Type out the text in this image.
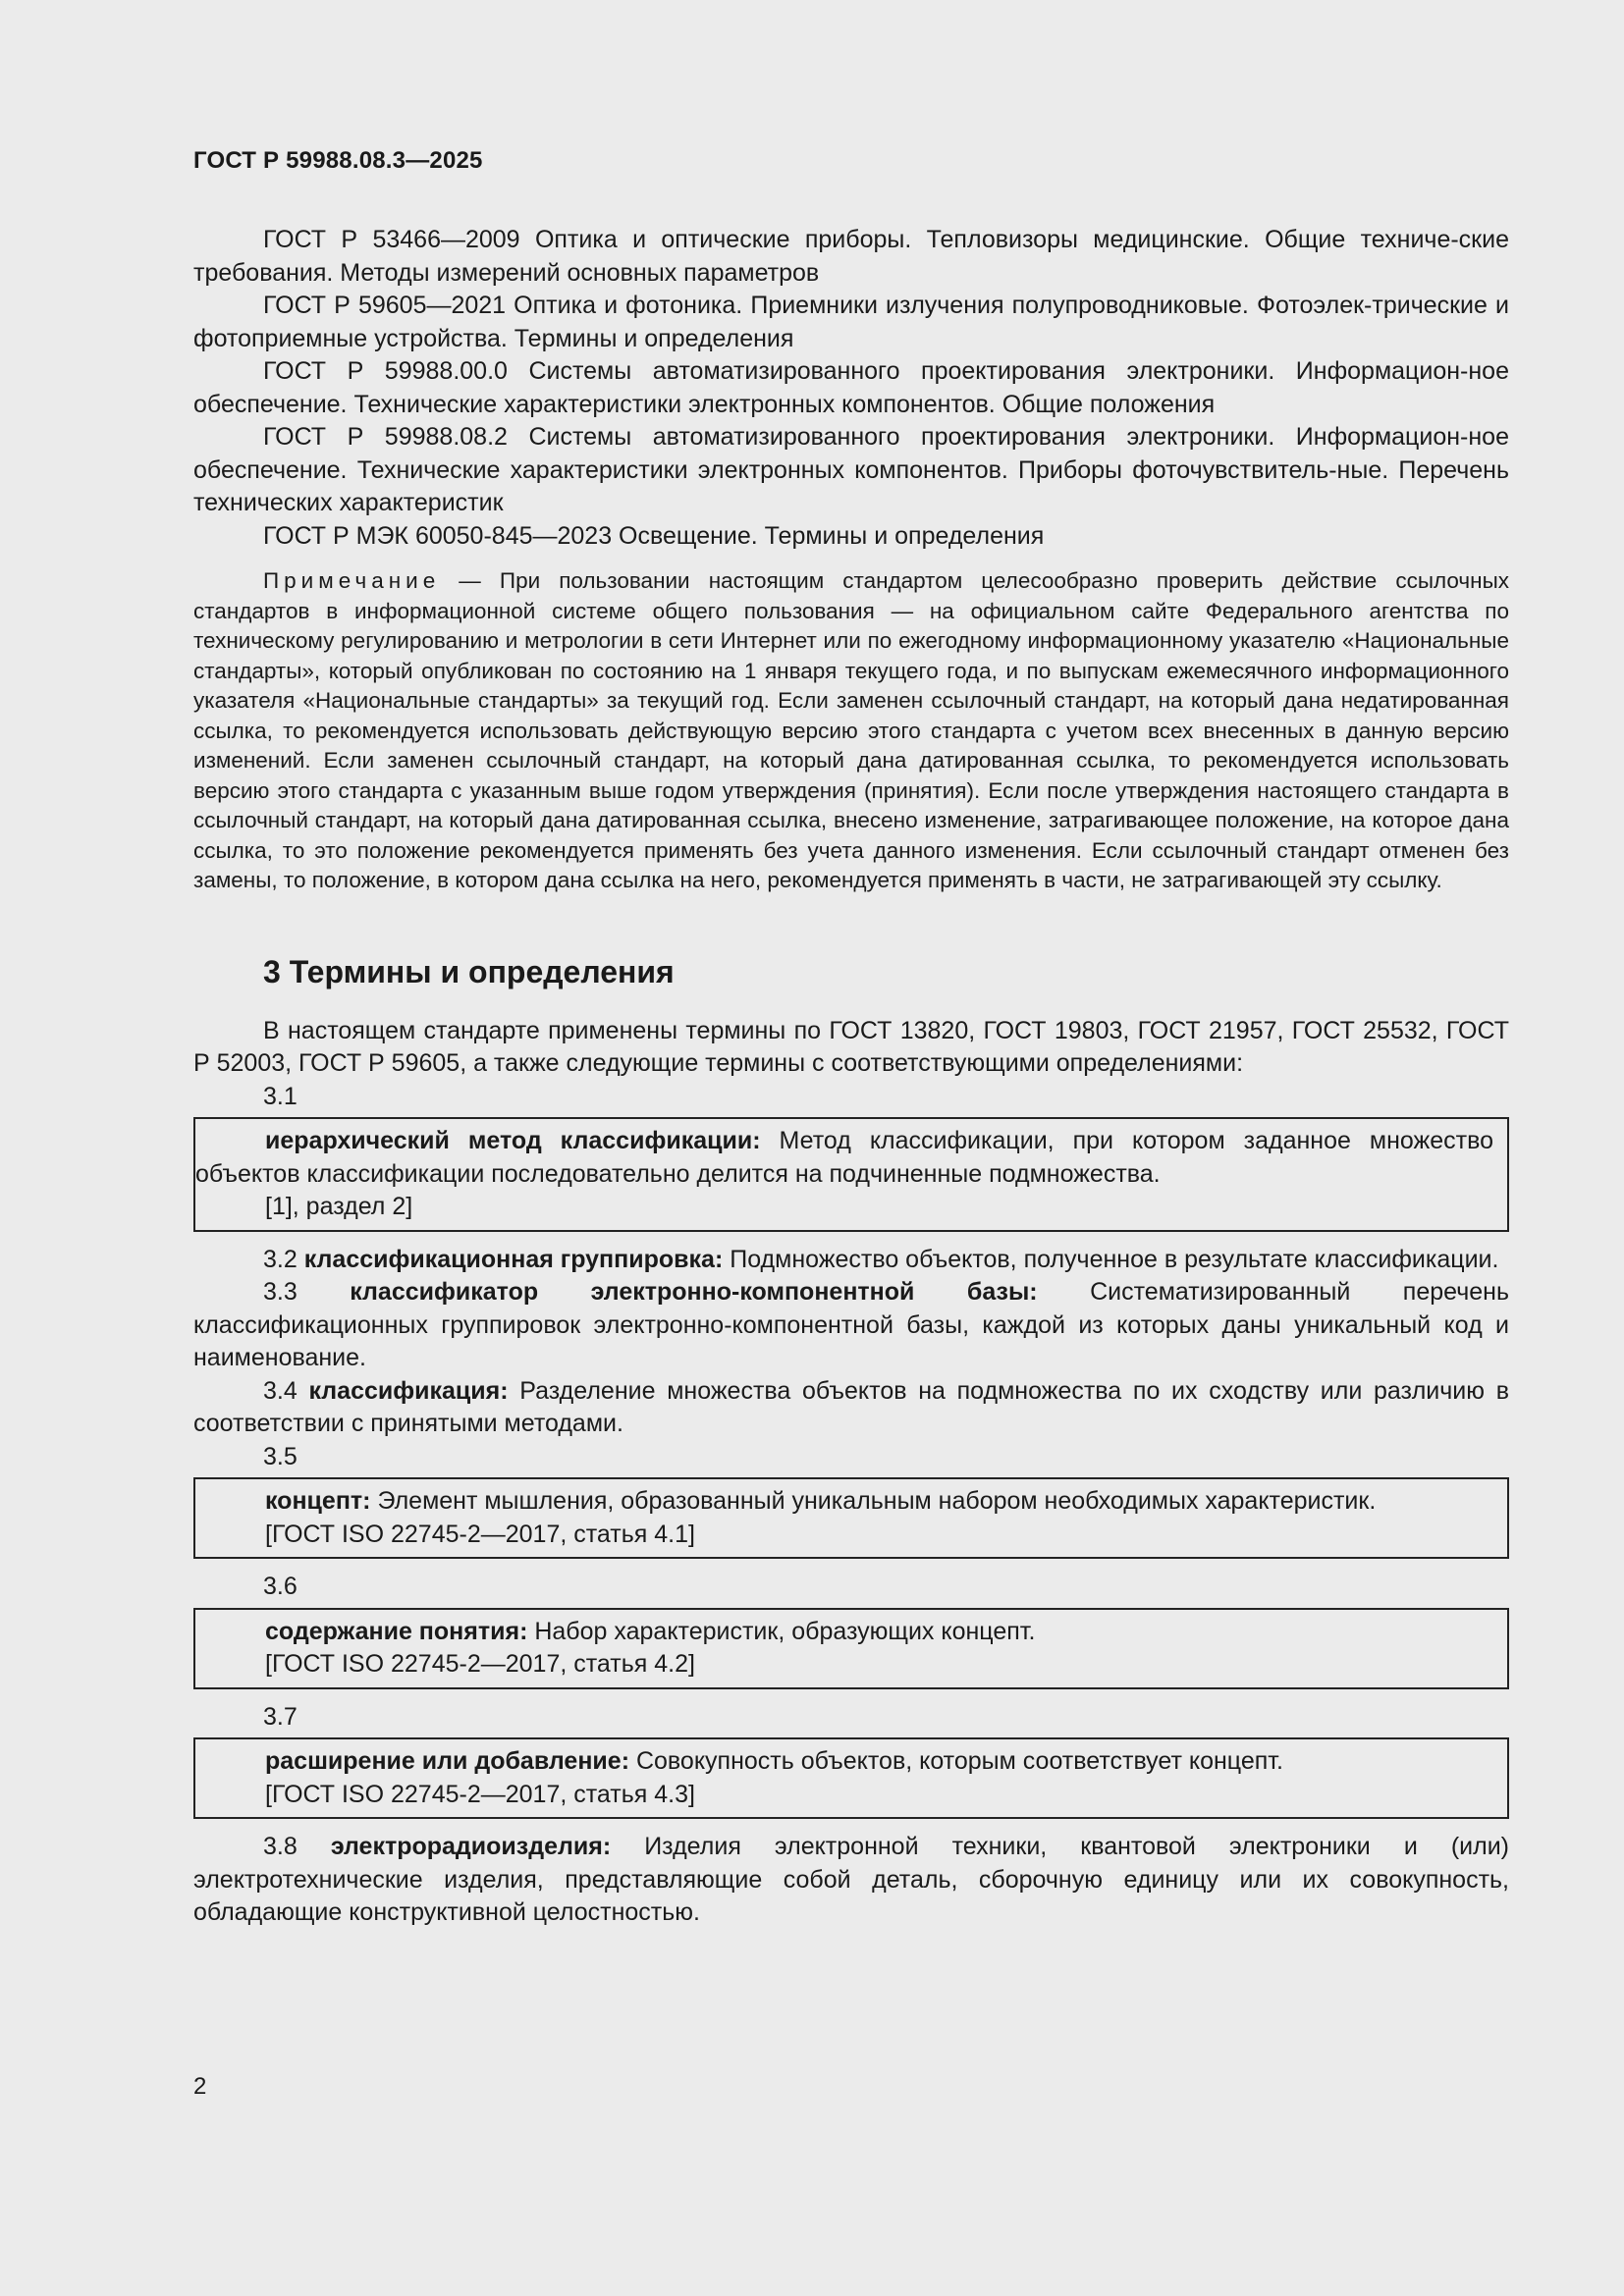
ГОСТ Р 59988.08.3—2025

ГОСТ Р 53466—2009 Оптика и оптические приборы. Тепловизоры медицинские. Общие техниче-ские требования. Методы измерений основных параметров

ГОСТ Р 59605—2021 Оптика и фотоника. Приемники излучения полупроводниковые. Фотоэлек-трические и фотоприемные устройства. Термины и определения

ГОСТ Р 59988.00.0 Системы автоматизированного проектирования электроники. Информацион-ное обеспечение. Технические характеристики электронных компонентов. Общие положения

ГОСТ Р 59988.08.2 Системы автоматизированного проектирования электроники. Информацион-ное обеспечение. Технические характеристики электронных компонентов. Приборы фоточувствитель-ные. Перечень технических характеристик

ГОСТ Р МЭК 60050-845—2023 Освещение. Термины и определения

Примечание — При пользовании настоящим стандартом целесообразно проверить действие ссылочных стандартов в информационной системе общего пользования — на официальном сайте Федерального агентства по техническому регулированию и метрологии в сети Интернет или по ежегодному информационному указателю «Национальные стандарты», который опубликован по состоянию на 1 января текущего года, и по выпускам ежемесячного информационного указателя «Национальные стандарты» за текущий год. Если заменен ссылочный стандарт, на который дана недатированная ссылка, то рекомендуется использовать действующую версию этого стандарта с учетом всех внесенных в данную версию изменений. Если заменен ссылочный стандарт, на который дана датированная ссылка, то рекомендуется использовать версию этого стандарта с указанным выше годом утверждения (принятия). Если после утверждения настоящего стандарта в ссылочный стандарт, на который дана датированная ссылка, внесено изменение, затрагивающее положение, на которое дана ссылка, то это положение рекомендуется применять без учета данного изменения. Если ссылочный стандарт отменен без замены, то положение, в котором дана ссылка на него, рекомендуется применять в части, не затрагивающей эту ссылку.

3 Термины и определения

В настоящем стандарте применены термины по ГОСТ 13820, ГОСТ 19803, ГОСТ 21957, ГОСТ 25532, ГОСТ Р 52003, ГОСТ Р 59605, а также следующие термины с соответствующими определениями:

3.1

иерархический метод классификации: Метод классификации, при котором заданное множество объектов классификации последовательно делится на подчиненные подмножества.

[1], раздел 2]

3.2 классификационная группировка: Подмножество объектов, полученное в результате классификации.

3.3 классификатор электронно-компонентной базы: Систематизированный перечень классификационных группировок электронно-компонентной базы, каждой из которых даны уникальный код и наименование.

3.4 классификация: Разделение множества объектов на подмножества по их сходству или различию в соответствии с принятыми методами.

3.5

концепт: Элемент мышления, образованный уникальным набором необходимых характеристик.

[ГОСТ ISO 22745-2—2017, статья 4.1]

3.6

содержание понятия: Набор характеристик, образующих концепт.

[ГОСТ ISO 22745-2—2017, статья 4.2]

3.7

расширение или добавление: Совокупность объектов, которым соответствует концепт.

[ГОСТ ISO 22745-2—2017, статья 4.3]

3.8 электрорадиоизделия: Изделия электронной техники, квантовой электроники и (или) электротехнические изделия, представляющие собой деталь, сборочную единицу или их совокупность, обладающие конструктивной целостностью.

2
